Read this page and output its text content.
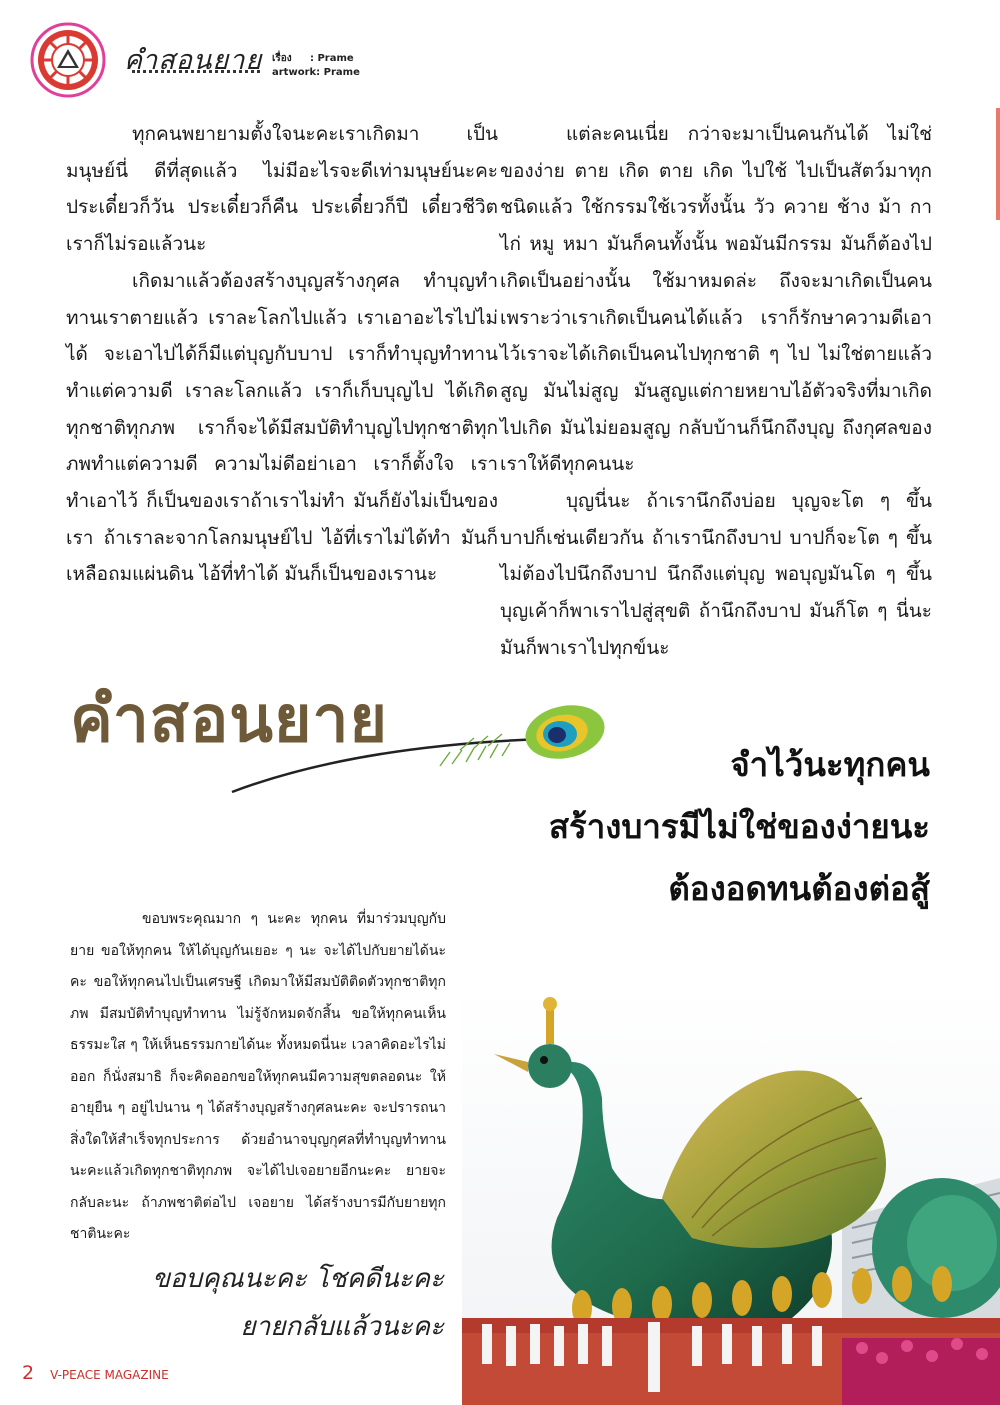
คำสอนยาย เรื่อง : Prame
artwork: Prame

ทุกคนพยายามตั้งใจนะคะเราเกิดมา เป็นมนุษย์นี่ ดีที่สุดแล้ว ไม่มีอะไรจะดีเท่ามนุษย์นะคะ ประเดี๋ยวก็วัน ประเดี๋ยวก็คืน ประเดี๋ยวก็ปี เดี๋ยวชีวิตเราก็ไม่รอแล้วนะ

เกิดมาแล้วต้องสร้างบุญสร้างกุศล ทำบุญทำทานเราตายแล้ว เราละโลกไปแล้ว เราเอาอะไรไปไม่ได้ จะเอาไปได้ก็มีแต่บุญกับบาป เราก็ทำบุญทำทาน ทำแต่ความดี เราละโลกแล้ว เราก็เก็บบุญไป ได้เกิดทุกชาติทุกภพ เราก็จะได้มีสมบัติทำบุญไปทุกชาติทุกภพทำแต่ความดี ความไม่ดีอย่าเอา เราก็ตั้งใจ เราทำเอาไว้ ก็เป็นของเราถ้าเราไม่ทำ มันก็ยังไม่เป็นของเรา ถ้าเราละจากโลกมนุษย์ไป ไอ้ที่เราไม่ได้ทำ มันก็เหลือถมแผ่นดิน ไอ้ที่ทำได้ มันก็เป็นของเรานะ

แต่ละคนเนี่ย กว่าจะมาเป็นคนกันได้ ไม่ใช่ของง่าย ตาย เกิด ตาย เกิด ไปใช้ ไปเป็นสัตว์มาทุกชนิดแล้ว ใช้กรรมใช้เวรทั้งนั้น วัว ควาย ช้าง ม้า กา ไก่ หมู หมา มันก็คนทั้งนั้น พอมันมีกรรม มันก็ต้องไปเกิดเป็นอย่างนั้น ใช้มาหมดล่ะ ถึงจะมาเกิดเป็นคน เพราะว่าเราเกิดเป็นคนได้แล้ว เราก็รักษาความดีเอาไว้เราจะได้เกิดเป็นคนไปทุกชาติ ๆ ไป ไม่ใช่ตายแล้วสูญ มันไม่สูญ มันสูญแต่กายหยาบไอ้ตัวจริงที่มาเกิดไปเกิด มันไม่ยอมสูญ กลับบ้านก็นึกถึงบุญ ถึงกุศลของเราให้ดีทุกคนนะ

บุญนี่นะ ถ้าเรานึกถึงบ่อย บุญจะโต ๆ ขึ้น บาปก็เช่นเดียวกัน ถ้าเรานึกถึงบาป บาปก็จะโต ๆ ขึ้น ไม่ต้องไปนึกถึงบาป นึกถึงแต่บุญ พอบุญมันโต ๆ ขึ้น บุญเค้าก็พาเราไปสู่สุขติ ถ้านึกถึงบาป มันก็โต ๆ นี่นะ มันก็พาเราไปทุกข์นะ

คำสอนยาย
จำไว้นะทุกคน
สร้างบารมีไม่ใช่ของง่ายนะ
ต้องอดทนต้องต่อสู้

ขอบพระคุณมาก ๆ นะคะ ทุกคน ที่มาร่วมบุญกับยาย ขอให้ทุกคน ให้ได้บุญกันเยอะ ๆ นะ จะได้ไปกับยายได้นะคะ ขอให้ทุกคนไปเป็นเศรษฐี เกิดมาให้มีสมบัติติดตัวทุกชาติทุกภพ มีสมบัติทำบุญทำทาน ไม่รู้จักหมดจักสิ้น ขอให้ทุกคนเห็นธรรมะใส ๆ ให้เห็นธรรมกายได้นะ ทั้งหมดนี่นะ เวลาคิดอะไรไม่ออก ก็นั่งสมาธิ ก็จะคิดออกขอให้ทุกคนมีความสุขตลอดนะ ให้อายุยืน ๆ อยู่ไปนาน ๆ ได้สร้างบุญสร้างกุศลนะคะ จะปรารถนาสิ่งใดให้สำเร็จทุกประการ ด้วยอำนาจบุญกุศลที่ทำบุญทำทานนะคะแล้วเกิดทุกชาติทุกภพ จะได้ไปเจอยายอีกนะคะ ยายจะกลับละนะ ถ้าภพชาติต่อไป เจอยาย ได้สร้างบารมีกับยายทุกชาตินะคะ

ขอบคุณนะคะ โชคดีนะคะ
ยายกลับแล้วนะคะ
2 V-PEACE MAGAZINE
